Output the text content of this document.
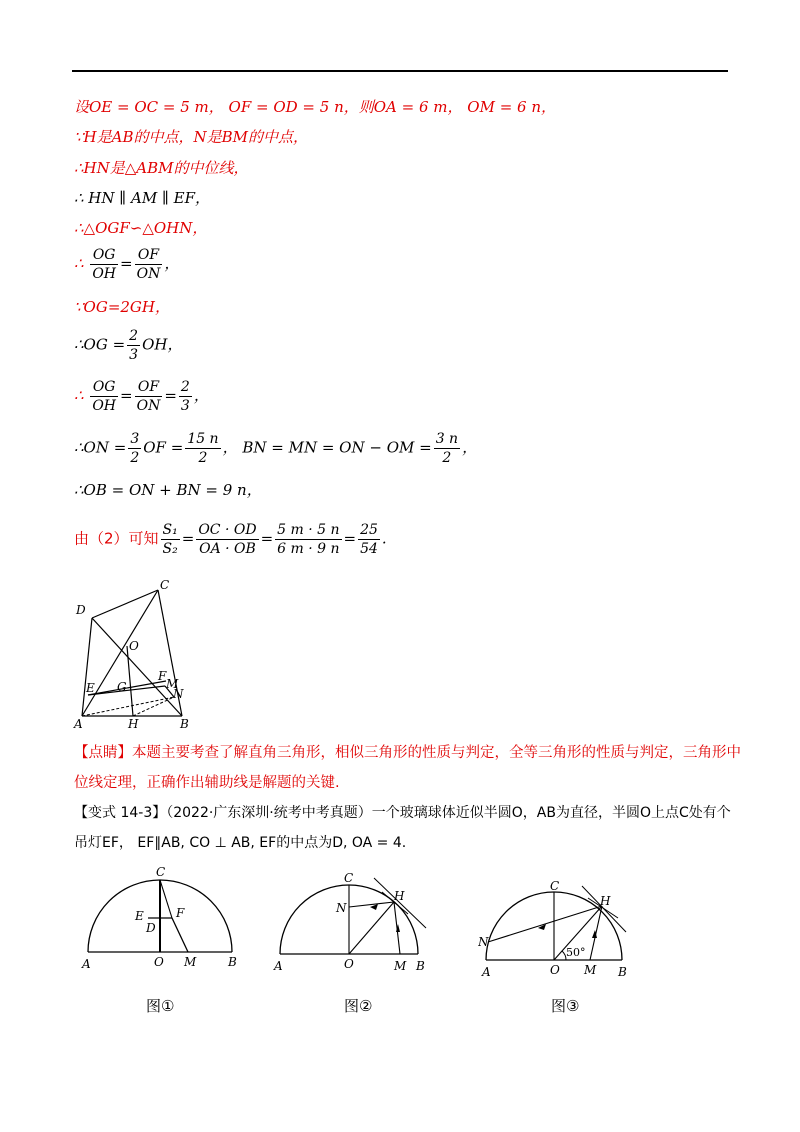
设OE = OC = 5 m， OF = OD = 5 n，则OA = 6 m， OM = 6 n，
∵H是AB的中点，N是BM的中点，
∴HN是△ABM的中位线，
∴ HN ∥ AM ∥ EF，
∴△OGF∽△OHN，
∴ $\frac{OG}{OH} = \frac{OF}{ON}$ ，
∵OG=2GH，
∴OG = $\frac{2}{3}$ OH，
∴ $\frac{OG}{OH} = \frac{OF}{ON} = \frac{2}{3}$ ，
∴ON = $\frac{3}{2}$ OF = $\frac{15 n}{2}$ ， BN = MN = ON − OM = $\frac{3 n}{2}$ ，
∴OB = ON + BN = 9 n，
由（2）可知 $\frac{\text{S₁}}{\text{S₂}} = \frac{OC \cdot OD}{OA \cdot OB} = \frac{5 m \cdot 5 n}{6 m \cdot 9 n} = \frac{25}{54}$ .
C
D
O
E G
F
M
N
A	H	B
【点睛】本题主要考查了解直角三角形，相似三角形的性质与判定，全等三角形的性质与判定，三角形中
位线定理，正确作出辅助线是解题的关键.
【变式 14-3】（2022·广东深圳·统考中考真题）一个玻璃球体近似半圆O，AB为直径，半圆O上点C处有个
吊灯EF， EF∥AB, CO ⊥ AB, EF的中点为D, OA = 4.
C
E
D
F
A	O M	B
图①
C
N
H
A	O	M B
图②
C
N
H
50°
A	O M B
图③
